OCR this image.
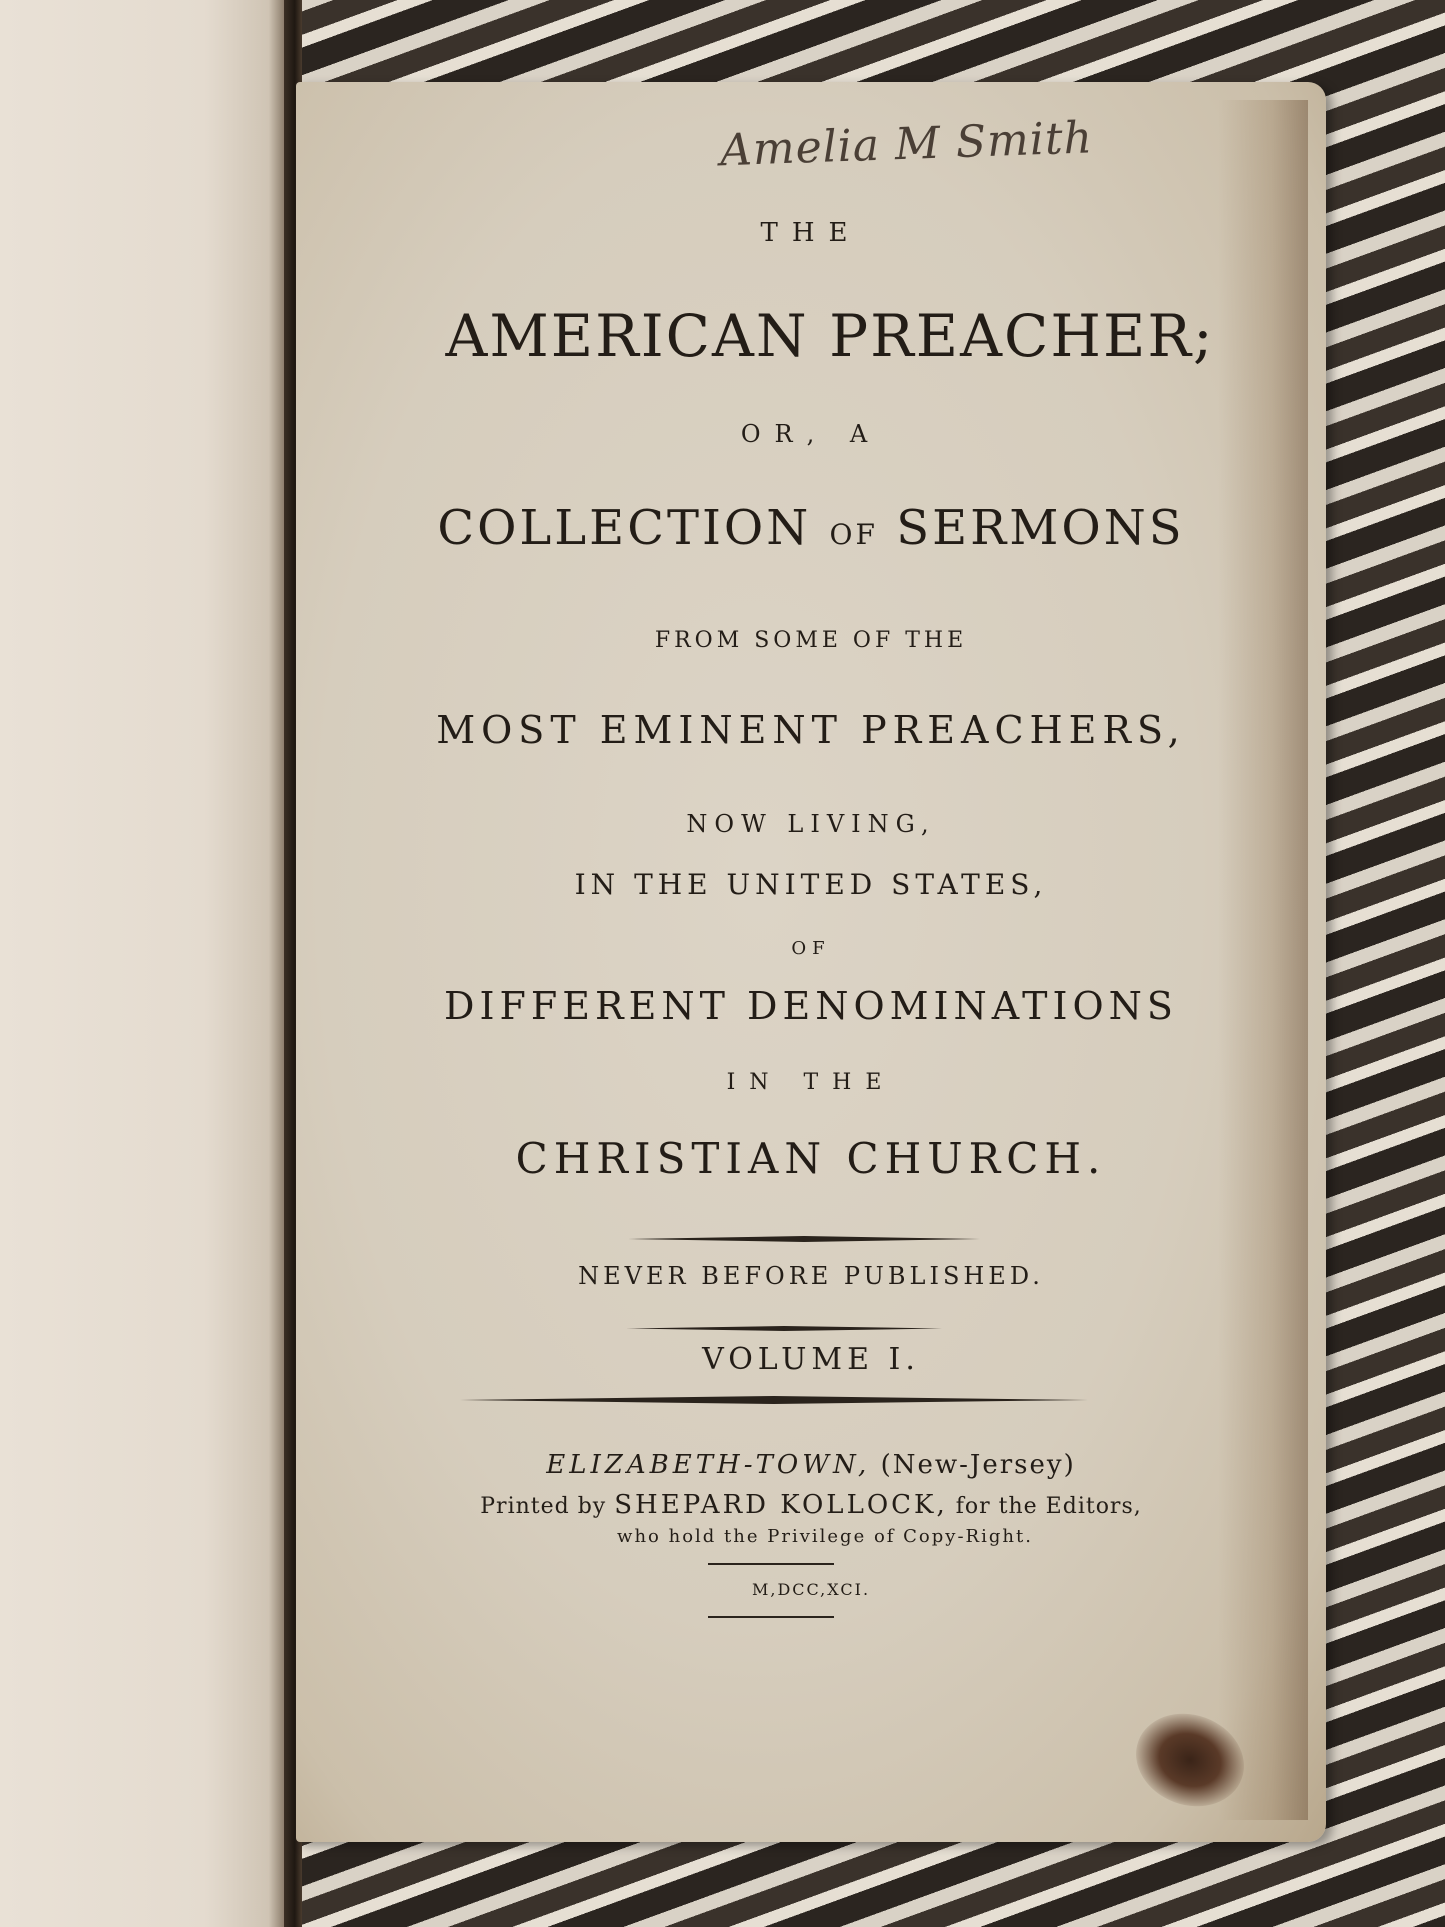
Amelia M Smith
THE
AMERICAN PREACHER;
OR, A
COLLECTION OF SERMONS
FROM SOME OF THE
MOST EMINENT PREACHERS,
NOW LIVING,
IN THE UNITED STATES,
OF
DIFFERENT DENOMINATIONS
IN THE
CHRISTIAN CHURCH.
NEVER BEFORE PUBLISHED.
VOLUME I.
ELIZABETH-TOWN, (New-Jersey)
Printed by SHEPARD KOLLOCK, for the Editors,
who hold the Privilege of Copy-Right.
M,DCC,XCI.
